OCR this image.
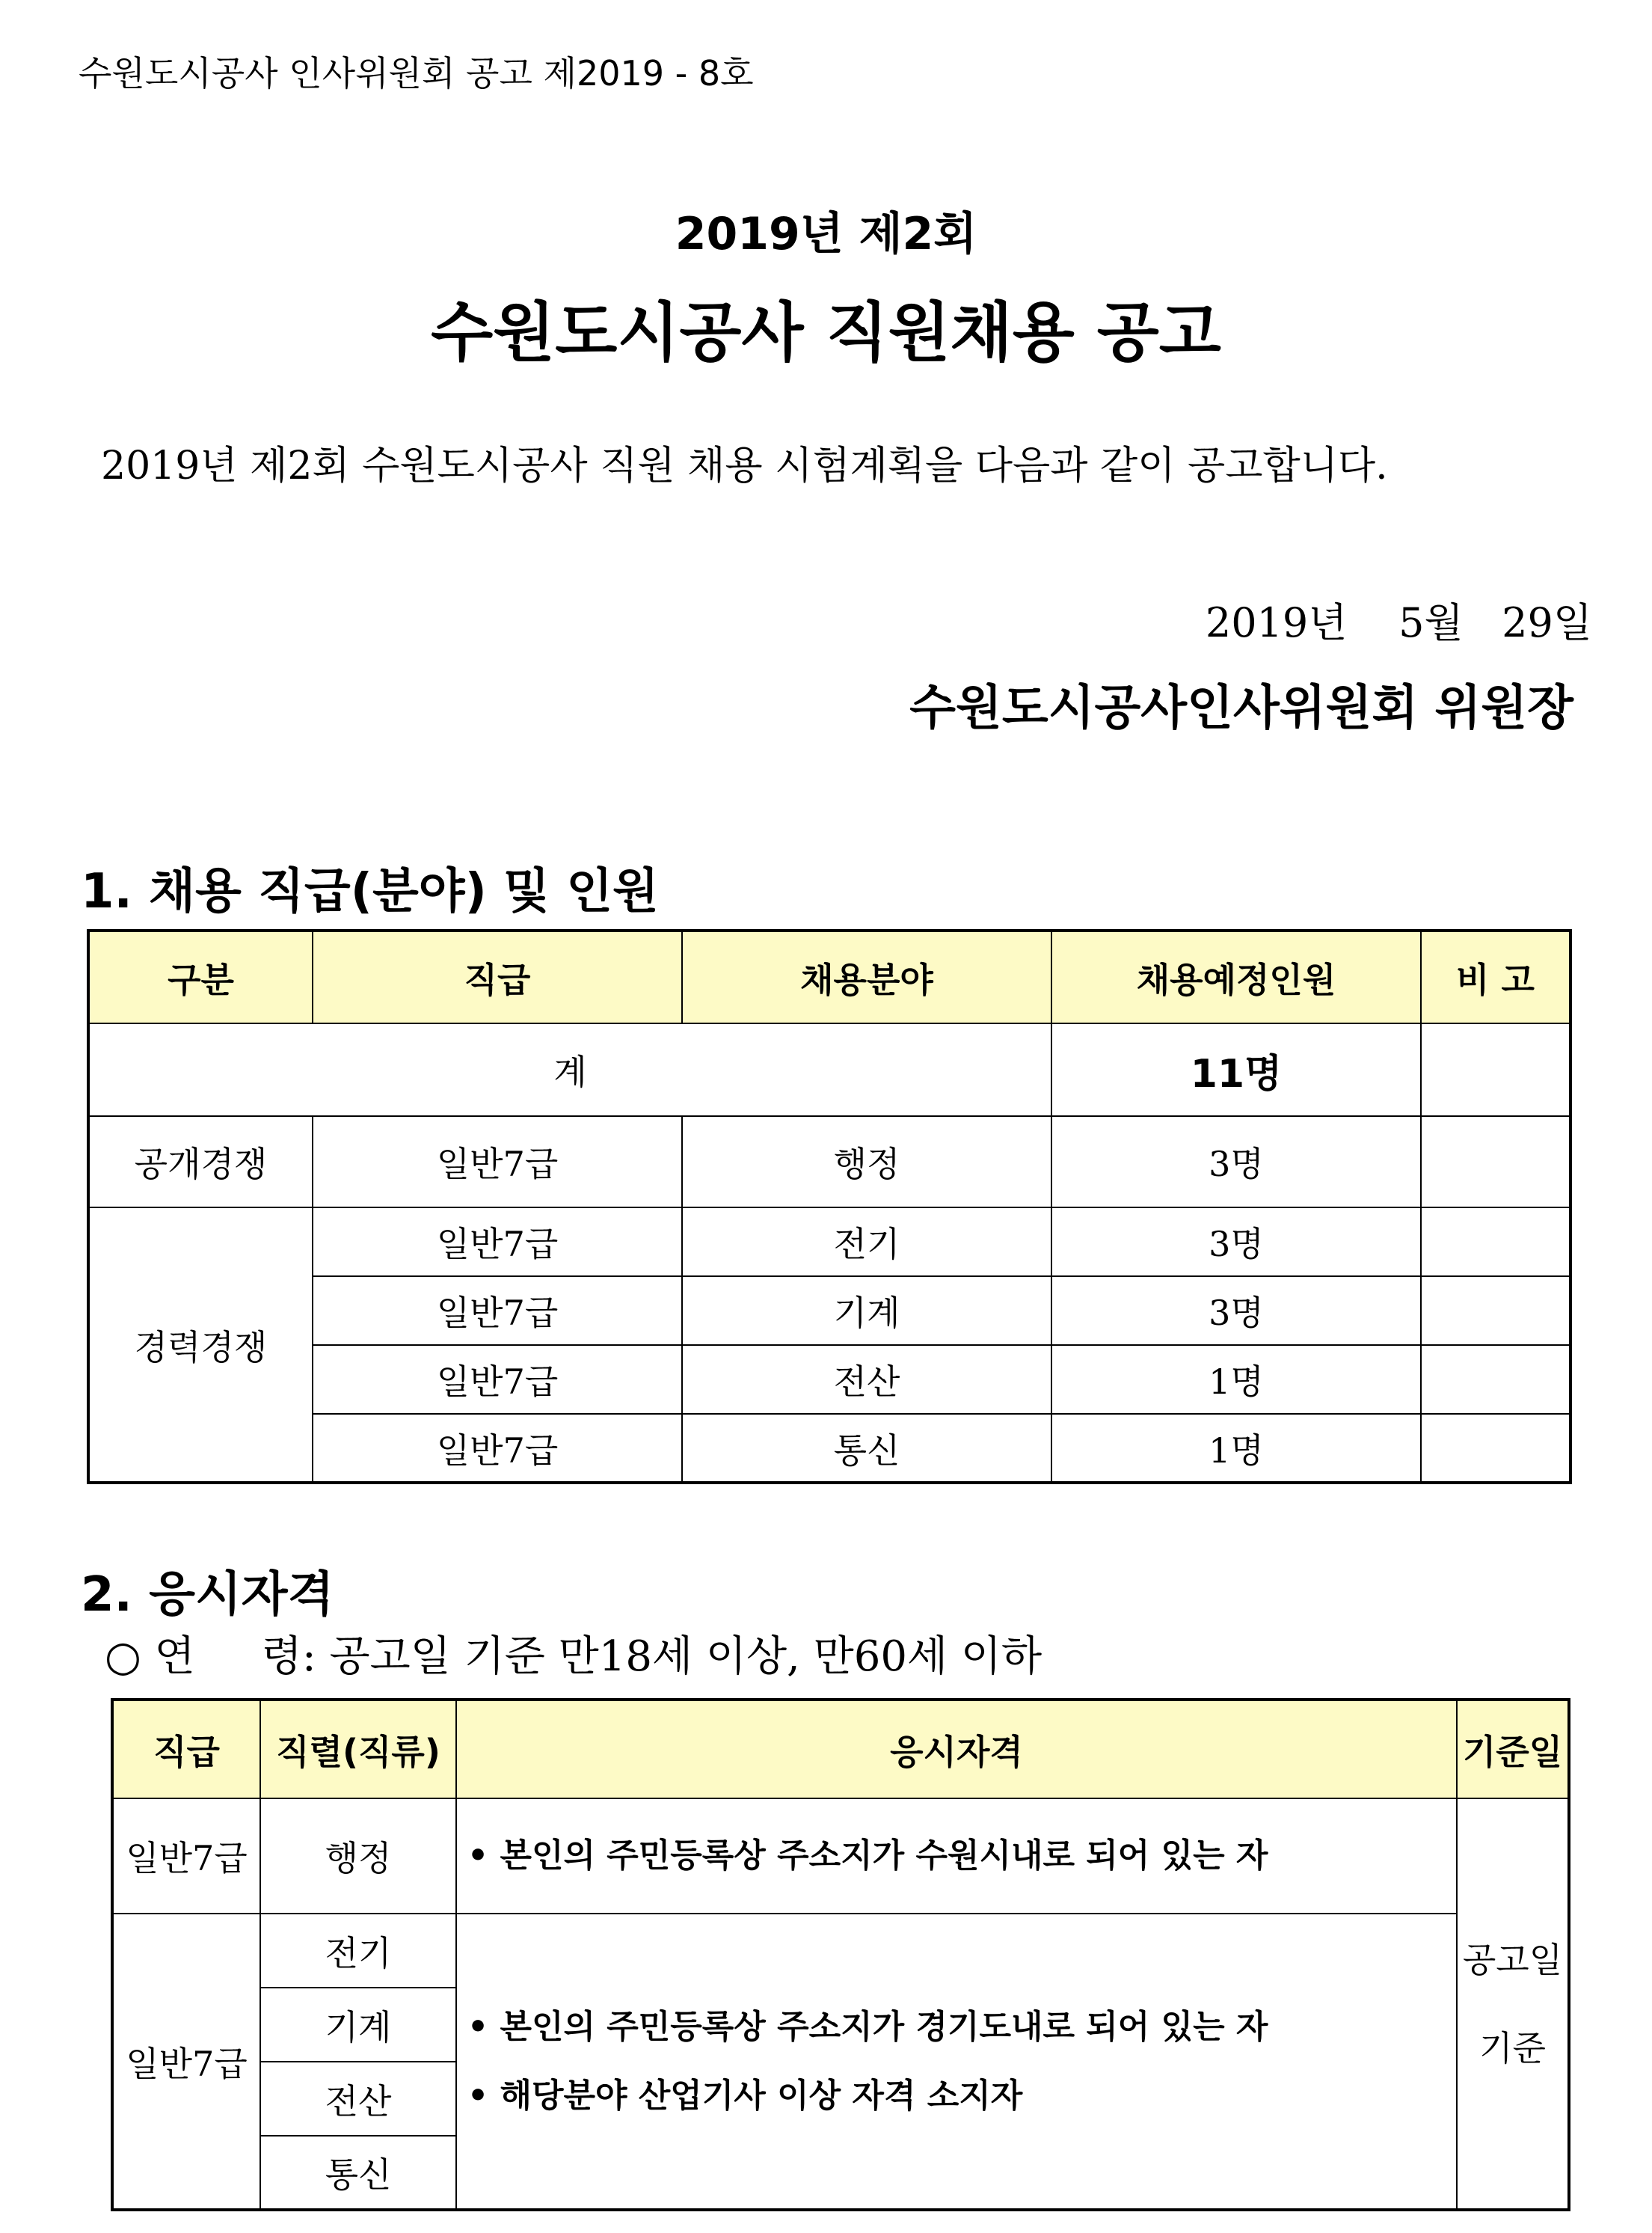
수원도시공사 인사위원회 공고 제2019 - 8호
2019년 제2회
수원도시공사 직원채용 공고
2019년 제2회 수원도시공사 직원 채용 시험계획을 다음과 같이 공고합니다.
2019년    5월   29일
수원도시공사인사위원회 위원장
1. 채용 직급(분야) 및 인원
구분	직급	채용분야	채용예정인원	비 고
계			11명	
공개경쟁	일반7급	행정	3명	
경력경쟁	일반7급	전기	3명	
	일반7급	기계	3명	
	일반7급	전산	1명	
	일반7급	통신	1명	
2. 응시자격
○ 연     령: 공고일 기준 만18세 이상, 만60세 이하
직급	직렬(직류)	응시자격	기준일
일반7급	행정	• 본인의 주민등록상 주소지가 수원시내로 되어 있는 자	공고일
기준

일반7급	전기	• 본인의 주민등록상 주소지가 경기도내로 되어 있는 자
• 해당분야 산업기사 이상 자격 소지자	

	기계		
	전산		
	통신		
